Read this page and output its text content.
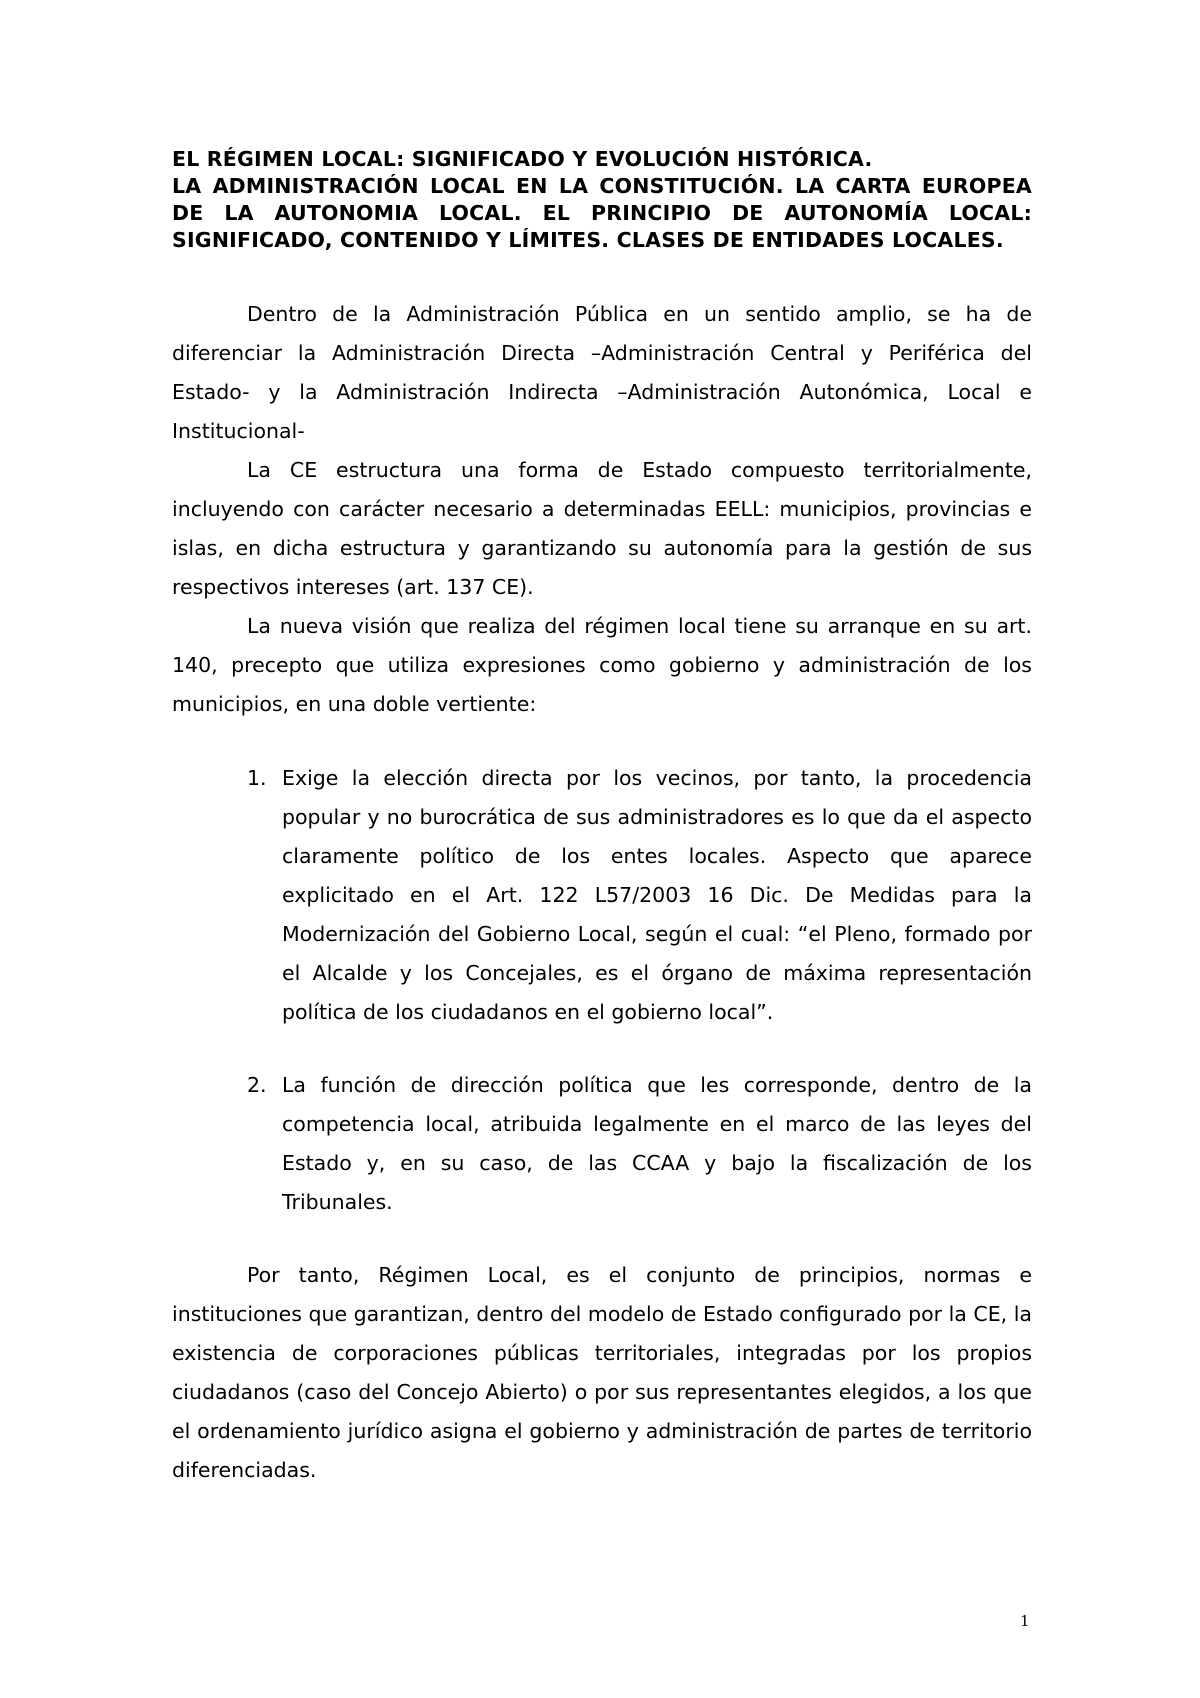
EL RÉGIMEN LOCAL: SIGNIFICADO Y EVOLUCIÓN HISTÓRICA.

LA ADMINISTRACIÓN LOCAL EN LA CONSTITUCIÓN. LA CARTA EUROPEA DE LA AUTONOMIA LOCAL. EL PRINCIPIO DE AUTONOMÍA LOCAL: SIGNIFICADO, CONTENIDO Y LÍMITES. CLASES DE ENTIDADES LOCALES.

Dentro de la Administración Pública en un sentido amplio, se ha de diferenciar la Administración Directa –Administración Central y Periférica del Estado- y la Administración Indirecta –Administración Autonómica, Local e Institucional-

La CE estructura una forma de Estado compuesto territorialmente, incluyendo con carácter necesario a determinadas EELL: municipios, provincias e islas, en dicha estructura y garantizando su autonomía para la gestión de sus respectivos intereses (art. 137 CE).

La nueva visión que realiza del régimen local tiene su arranque en su art. 140, precepto que utiliza expresiones como gobierno y administración de los municipios, en una doble vertiente:

1. Exige la elección directa por los vecinos, por tanto, la procedencia popular y no burocrática de sus administradores es lo que da el aspecto claramente político de los entes locales. Aspecto que aparece explicitado en el Art. 122 L57/2003 16 Dic. De Medidas para la Modernización del Gobierno Local, según el cual: “el Pleno, formado por el Alcalde y los Concejales, es el órgano de máxima representación política de los ciudadanos en el gobierno local”.
2. La función de dirección política que les corresponde, dentro de la competencia local, atribuida legalmente en el marco de las leyes del Estado y, en su caso, de las CCAA y bajo la fiscalización de los Tribunales.

Por tanto, Régimen Local, es el conjunto de principios, normas e instituciones que garantizan, dentro del modelo de Estado configurado por la CE, la existencia de corporaciones públicas territoriales, integradas por los propios ciudadanos (caso del Concejo Abierto) o por sus representantes elegidos, a los que el ordenamiento jurídico asigna el gobierno y administración de partes de territorio diferenciadas.

1
